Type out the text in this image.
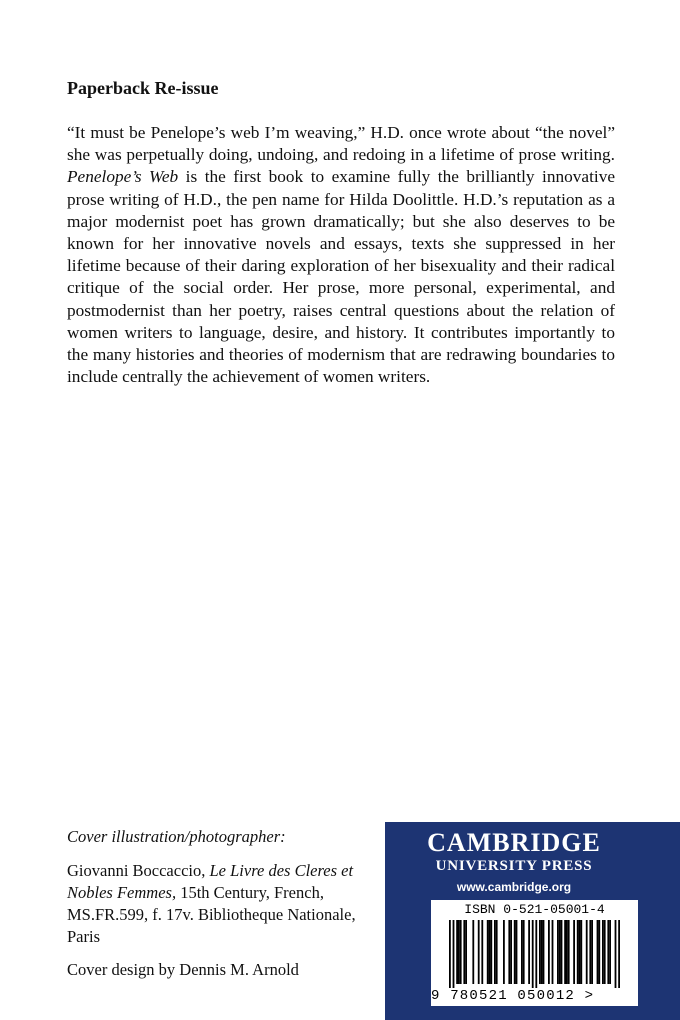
Paperback Re-issue

“It must be Penelope’s web I’m weaving,” H.D. once wrote about “the novel” she was perpetually doing, undoing, and redoing in a lifetime of prose writing. Penelope’s Web is the first book to examine fully the brilliantly innovative prose writing of H.D., the pen name for Hilda Doolittle. H.D.’s reputation as a major modernist poet has grown dramatically; but she also deserves to be known for her innovative novels and essays, texts she suppressed in her lifetime because of their daring exploration of her bisexuality and their radical critique of the social order. Her prose, more personal, experimental, and postmodernist than her poetry, raises central questions about the relation of women writers to language, desire, and history. It contributes importantly to the many histories and theories of modernism that are redrawing boundaries to include centrally the achievement of women writers.

Cover illustration/photographer:

Giovanni Boccaccio, Le Livre des Cleres et Nobles Femmes, 15th Century, French, MS.FR.599, f. 17v. Bibliotheque Nationale, Paris

Cover design by Dennis M. Arnold

CAMBRIDGE
UNIVERSITY PRESS
www.cambridge.org
ISBN 0-521-05001-4
9 780521 050012 >
